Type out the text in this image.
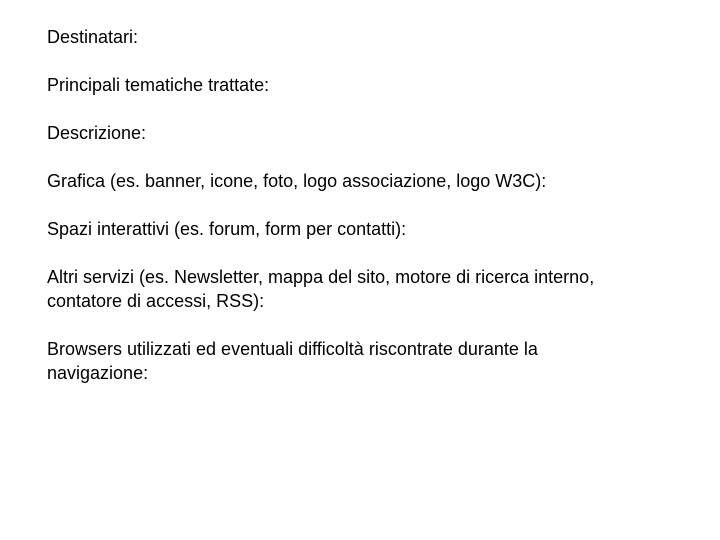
Destinatari:

Principali tematiche trattate:

Descrizione:

Grafica (es. banner, icone, foto, logo associazione, logo W3C):

Spazi interattivi (es. forum, form per contatti):

Altri servizi (es. Newsletter, mappa del sito, motore di ricerca interno,
contatore di accessi, RSS):

Browsers utilizzati ed eventuali difficoltà riscontrate durante la
navigazione:
